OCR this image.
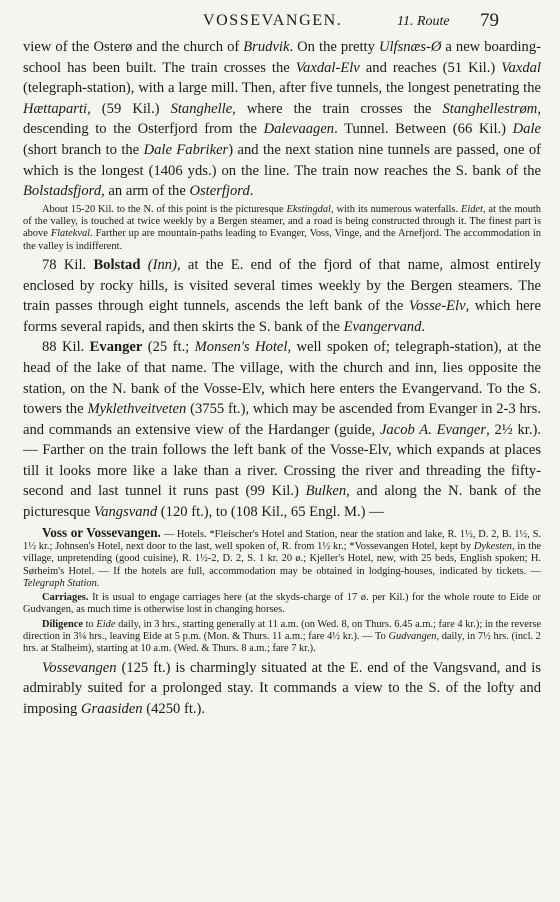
VOSSEVANGEN.	11. Route 79

view of the Osterø and the church of Brudvik. On the pretty Ulfsnæs-Ø a new boarding-school has been built. The train crosses the Vaxdal-Elv and reaches (51 Kil.) Vaxdal (telegraph-station), with a large mill. Then, after five tunnels, the longest penetrating the Hættaparti, (59 Kil.) Stanghelle, where the train crosses the Stanghellestrøm, descending to the Osterfjord from the Dalevaagen. Tunnel. Between (66 Kil.) Dale (short branch to the Dale Fabriker) and the next station nine tunnels are passed, one of which is the longest (1406 yds.) on the line. The train now reaches the S. bank of the Bolstadsfjord, an arm of the Osterfjord.

About 15-20 Kil. to the N. of this point is the picturesque Ekstingdal, with its numerous waterfalls. Eidet, at the mouth of the valley, is touched at twice weekly by a Bergen steamer, and a road is being constructed through it. The finest part is above Flatekval. Farther up are mountain-paths leading to Evanger, Voss, Vinge, and the Arnefjord. The accommodation in the valley is indifferent.

78 Kil. Bolstad (Inn), at the E. end of the fjord of that name, almost entirely enclosed by rocky hills, is visited several times weekly by the Bergen steamers. The train passes through eight tunnels, ascends the left bank of the Vosse-Elv, which here forms several rapids, and then skirts the S. bank of the Evangervand.

88 Kil. Evanger (25 ft.; Monsen's Hotel, well spoken of; telegraph-station), at the head of the lake of that name. The village, with the church and inn, lies opposite the station, on the N. bank of the Vosse-Elv, which here enters the Evangervand. To the S. towers the Myklethveitveten (3755 ft.), which may be ascended from Evanger in 2-3 hrs. and commands an extensive view of the Hardanger (guide, Jacob A. Evanger, 2½ kr.). — Farther on the train follows the left bank of the Vosse-Elv, which expands at places till it looks more like a lake than a river. Crossing the river and threading the fifty-second and last tunnel it runs past (99 Kil.) Bulken, and along the N. bank of the picturesque Vangsvand (120 ft.), to (108 Kil., 65 Engl. M.) —

Voss or Vossevangen. — Hotels. *Fleischer's Hotel and Station, near the station and lake, R. 1½, D. 2, B. 1½, S. 1½ kr.; Johnsen's Hotel, next door to the last, well spoken of, R. from 1½ kr.; *Vossevangen Hotel, kept by Dykesten, in the village, unpretending (good cuisine), R. 1½-2, D. 2, S. 1 kr. 20 ø.; Kjeller's Hotel, new, with 25 beds, English spoken; H. Sørheim's Hotel. — If the hotels are full, accommodation may be obtained in lodging-houses, indicated by tickets. — Telegraph Station.

Carriages. It is usual to engage carriages here (at the skyds-charge of 17 ø. per Kil.) for the whole route to Eide or Gudvangen, as much time is otherwise lost in changing horses.

Diligence to Eide daily, in 3 hrs., starting generally at 11 a.m. (on Wed. 8, on Thurs. 6.45 a.m.; fare 4 kr.); in the reverse direction in 3¼ hrs., leaving Eide at 5 p.m. (Mon. & Thurs. 11 a.m.; fare 4½ kr.). — To Gudvangen, daily, in 7½ hrs. (incl. 2 hrs. at Stalheim), starting at 10 a.m. (Wed. & Thurs. 8 a.m.; fare 7 kr.).

Vossevangen (125 ft.) is charmingly situated at the E. end of the Vangsvand, and is admirably suited for a prolonged stay. It commands a view to the S. of the lofty and imposing Graasiden (4250 ft.).
